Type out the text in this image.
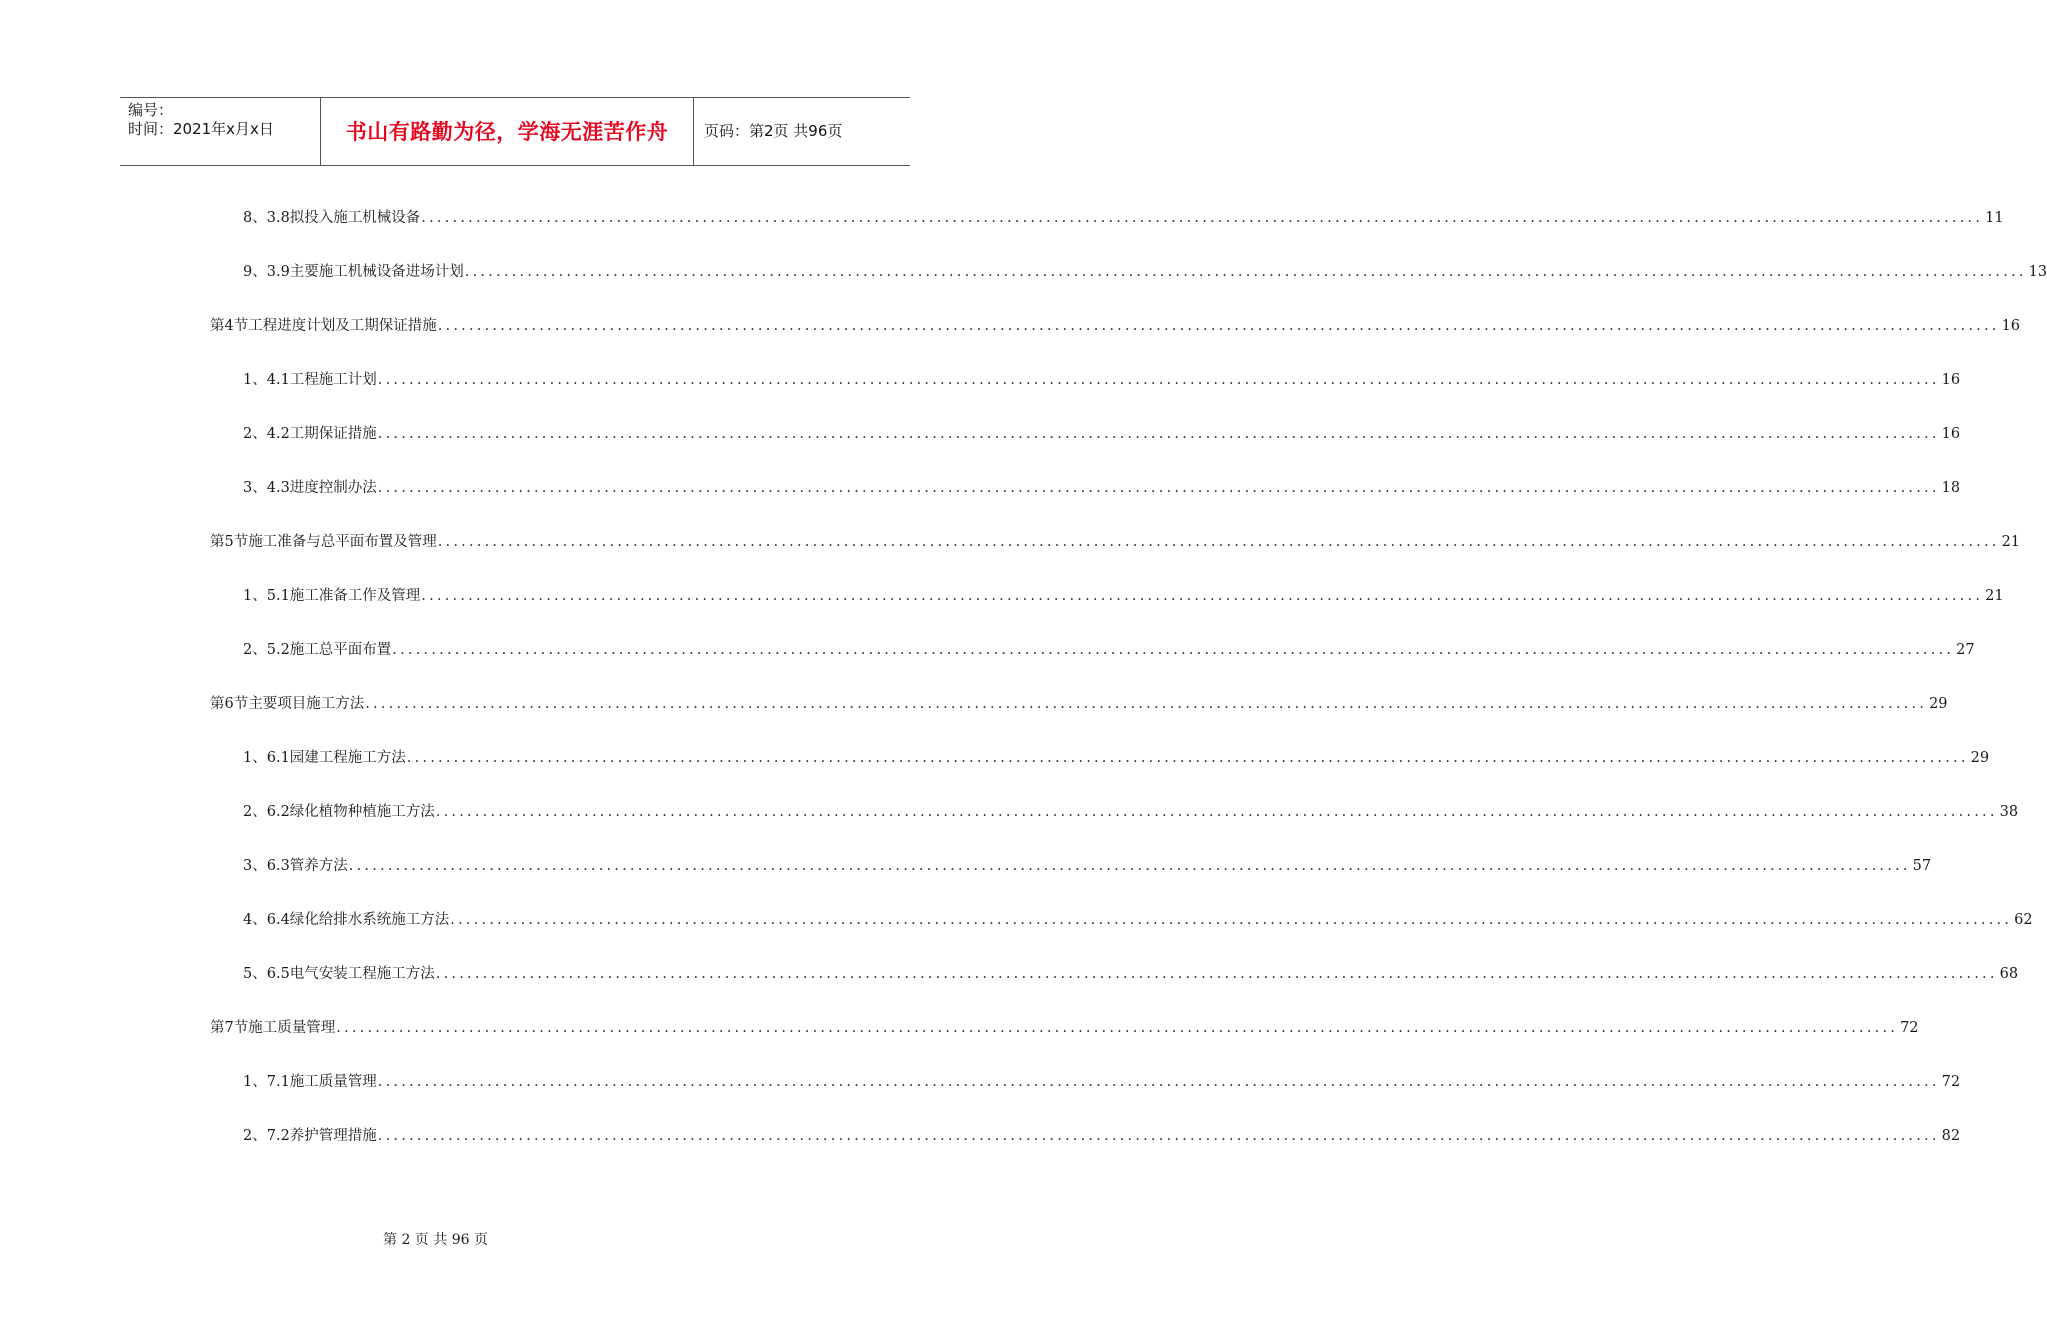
编号：
时间：2021年x月x日	书山有路勤为径，学海无涯苦作舟	页码：第2页 共96页
8、 3.8拟投入施工机械设备 ........................................................................................................................................................................................................ 11
9、 3.9主要施工机械设备进场计划 ........................................................................................................................................................................................................ 13
第4节 工程进度计划及工期保证措施 ........................................................................................................................................................................................................ 16
1、 4.1工程施工计划 ........................................................................................................................................................................................................ 16
2、 4.2工期保证措施 ........................................................................................................................................................................................................ 16
3、 4.3进度控制办法 ........................................................................................................................................................................................................ 18
第5节 施工准备与总平面布置及管理 ........................................................................................................................................................................................................ 21
1、 5.1施工准备工作及管理 ........................................................................................................................................................................................................ 21
2、 5.2施工总平面布置 ........................................................................................................................................................................................................ 27
第6节 主要项目施工方法 ........................................................................................................................................................................................................ 29
1、 6.1园建工程施工方法 ........................................................................................................................................................................................................ 29
2、 6.2绿化植物种植施工方法 ........................................................................................................................................................................................................ 38
3、 6.3管养方法 ........................................................................................................................................................................................................ 57
4、 6.4绿化给排水系统施工方法 ........................................................................................................................................................................................................ 62
5、 6.5电气安装工程施工方法 ........................................................................................................................................................................................................ 68
第7节 施工质量管理 ........................................................................................................................................................................................................ 72
1、 7.1施工质量管理 ........................................................................................................................................................................................................ 72
2、 7.2养护管理措施 ........................................................................................................................................................................................................ 82
第 2 页 共 96 页
